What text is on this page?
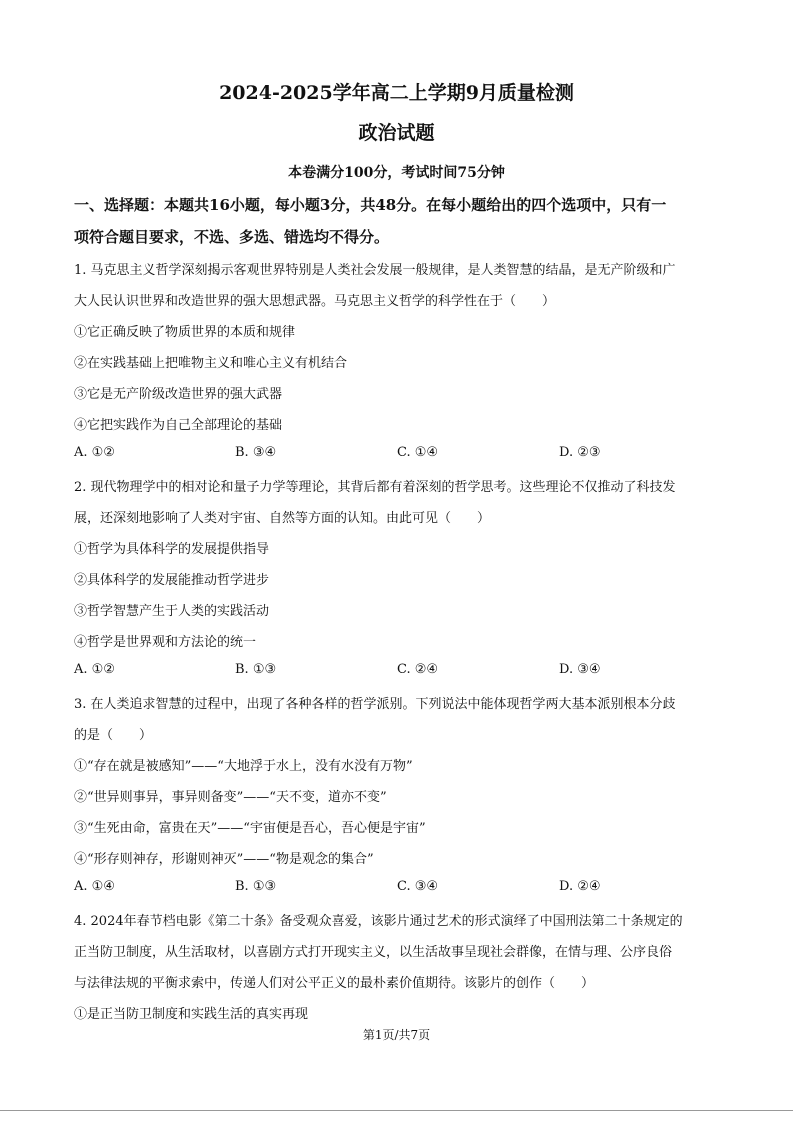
2024-2025学年高二上学期9月质量检测
政治试题
本卷满分100分，考试时间75分钟
一、选择题：本题共16小题，每小题3分，共48分。在每小题给出的四个选项中，只有一
项符合题目要求，不选、多选、错选均不得分。
1. 马克思主义哲学深刻揭示客观世界特别是人类社会发展一般规律，是人类智慧的结晶，是无产阶级和广
大人民认识世界和改造世界的强大思想武器。马克思主义哲学的科学性在于（　　）
①它正确反映了物质世界的本质和规律
②在实践基础上把唯物主义和唯心主义有机结合
③它是无产阶级改造世界的强大武器
④它把实践作为自己全部理论的基础
A. ①②	B. ③④	C. ①④	D. ②③
2. 现代物理学中的相对论和量子力学等理论，其背后都有着深刻的哲学思考。这些理论不仅推动了科技发
展，还深刻地影响了人类对宇宙、自然等方面的认知。由此可见（　　）
①哲学为具体科学的发展提供指导
②具体科学的发展能推动哲学进步
③哲学智慧产生于人类的实践活动
④哲学是世界观和方法论的统一
A. ①②	B. ①③	C. ②④	D. ③④
3. 在人类追求智慧的过程中，出现了各种各样的哲学派别。下列说法中能体现哲学两大基本派别根本分歧
的是（　　）
①“存在就是被感知”——“大地浮于水上，没有水没有万物”
②“世异则事异，事异则备变”——“天不变，道亦不变”
③“生死由命，富贵在天”——“宇宙便是吾心，吾心便是宇宙”
④“形存则神存，形谢则神灭”——“物是观念的集合”
A. ①④	B. ①③	C. ③④	D. ②④
4. 2024年春节档电影《第二十条》备受观众喜爱，该影片通过艺术的形式演绎了中国刑法第二十条规定的
正当防卫制度，从生活取材，以喜剧方式打开现实主义，以生活故事呈现社会群像，在情与理、公序良俗
与法律法规的平衡求索中，传递人们对公平正义的最朴素价值期待。该影片的创作（　　）
①是正当防卫制度和实践生活的真实再现
第1页/共7页
